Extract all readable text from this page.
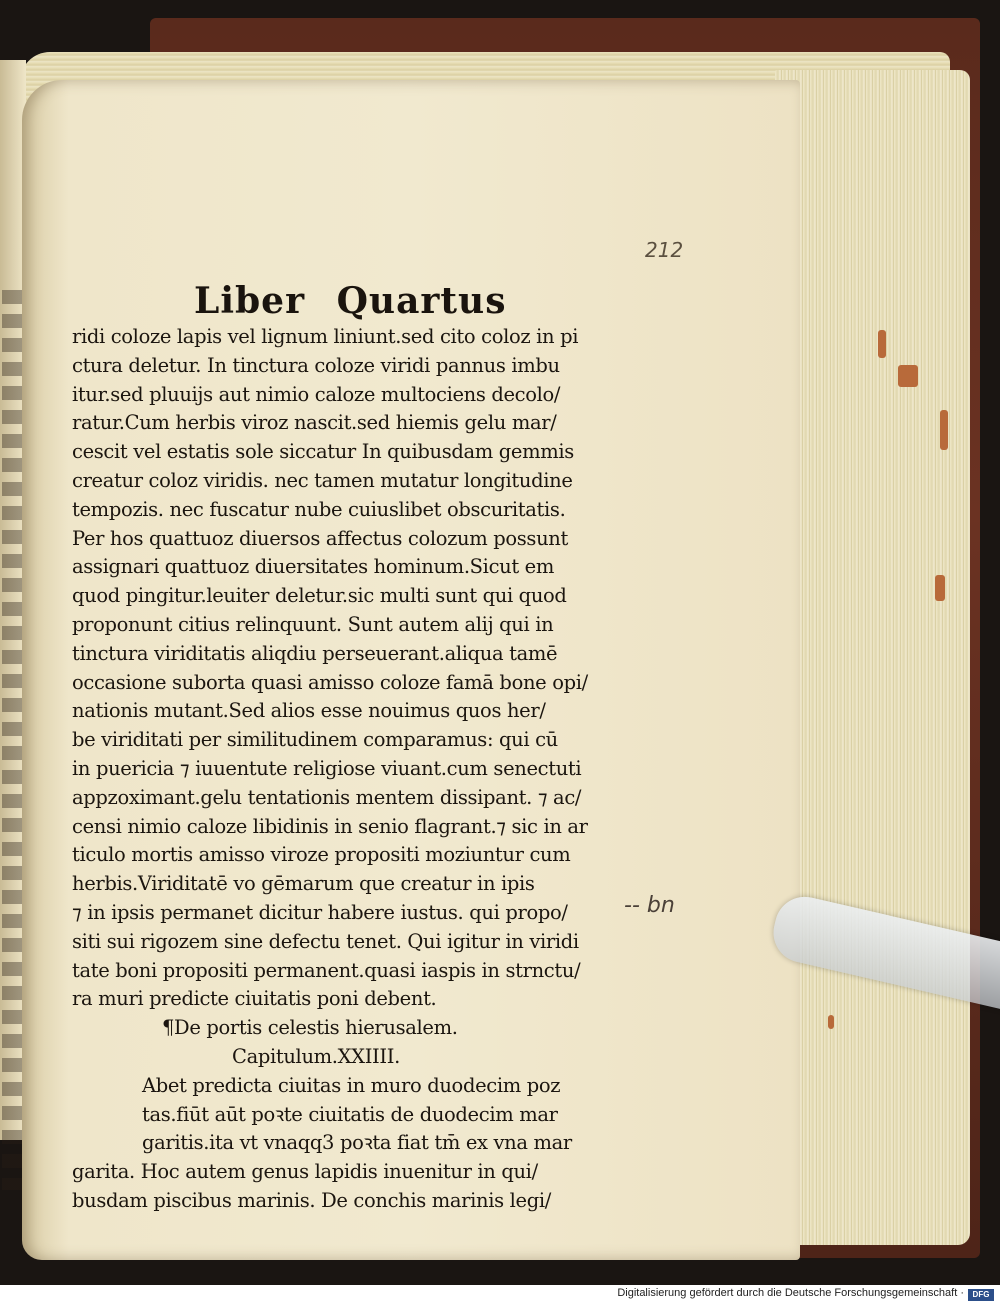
212
Liber Quartus
ridi coloze lapis vel lignum liniunt.sed cito coloz in pi
ctura deletur. In tinctura coloze viridi pannus imbu
itur.sed pluuijs aut nimio caloze multociens decolo/
ratur.Cum herbis viroz nascit.sed hiemis gelu mar/
cescit vel estatis sole siccatur In quibusdam gemmis
creatur coloz viridis. nec tamen mutatur longitudine
tempozis. nec fuscatur nube cuiuslibet obscuritatis.
Per hos quattuoz diuersos affectus colozum possunt
assignari quattuoz diuersitates hominum.Sicut em
quod pingitur.leuiter deletur.sic multi sunt qui quod
proponunt citius relinquunt. Sunt autem alij qui in
tinctura viriditatis aliqdiu perseuerant.aliqua tamē
occasione suborta quasi amisso coloze famā bone opi/
nationis mutant.Sed alios esse nouimus quos her/
be viriditati per similitudinem comparamus: qui cū
in puericia ⁊ iuuentute religiose viuant.cum senectuti
appzoximant.gelu tentationis mentem dissipant. ⁊ ac/
censi nimio caloze libidinis in senio flagrant.⁊ sic in ar
ticulo mortis amisso viroze propositi moziuntur cum
herbis.Viriditatē vo gēmarum que creatur in ipis
⁊ in ipsis permanet dicitur habere iustus. qui propo/
siti sui rigozem sine defectu tenet. Qui igitur in viridi
tate boni propositi permanent.quasi iaspis in strnctu/
ra muri predicte ciuitatis poni debent.
¶De portis celestis hierusalem.
Capitulum.XXIIII.
Abet predicta ciuitas in muro duodecim poz
tas.fiūt aūt poꝛte ciuitatis de duodecim mar
garitis.ita vt vnaqq3 poꝛta fiat tm̄ ex vna mar
garita. Hoc autem genus lapidis inuenitur in qui/
busdam piscibus marinis. De conchis marinis legi/
-- bn
Digitalisierung gefördert durch die Deutsche Forschungsgemeinschaft ·	DFG
